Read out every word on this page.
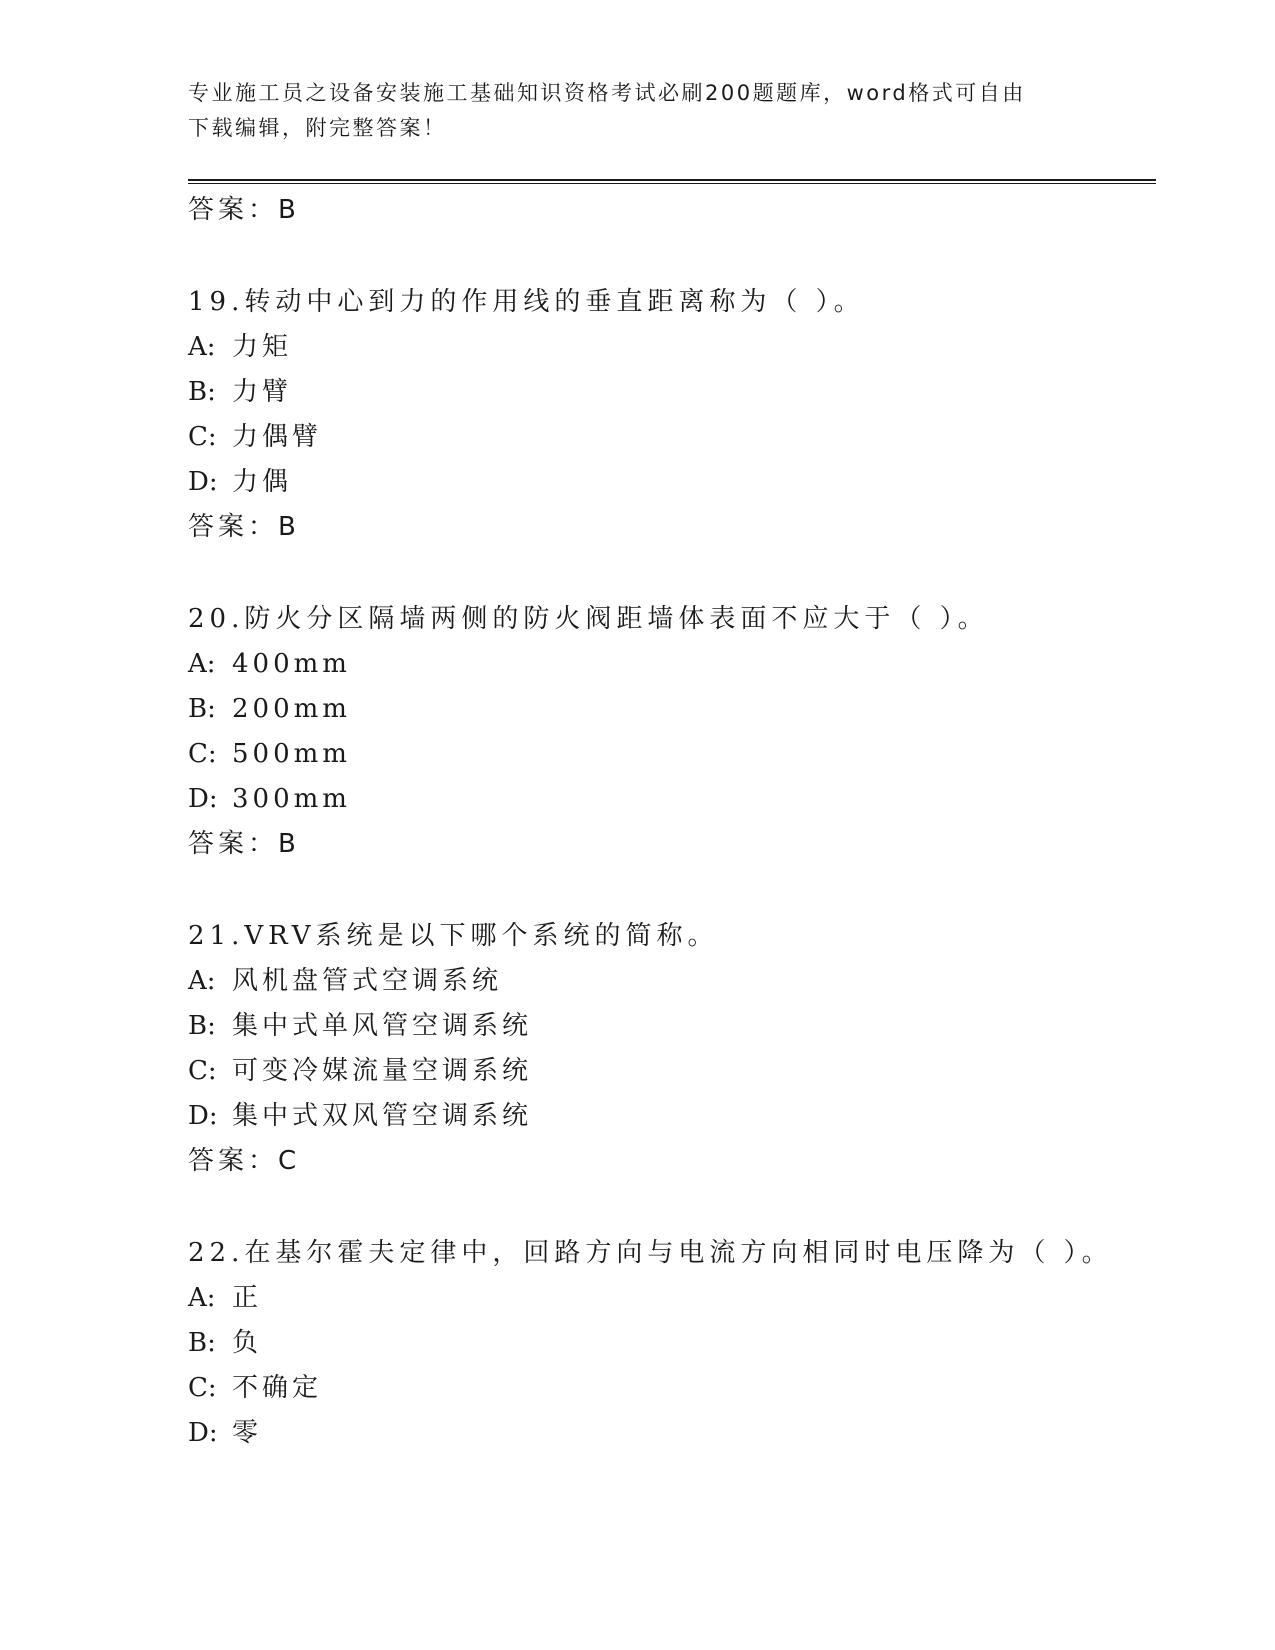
专业施工员之设备安装施工基础知识资格考试必刷200题题库，word格式可自由
下载编辑，附完整答案！
答案：B
19.转动中心到力的作用线的垂直距离称为（ ）。
A: 力矩
B: 力臂
C: 力偶臂
D: 力偶
答案：B
20.防火分区隔墙两侧的防火阀距墙体表面不应大于（ ）。
A: 400mm
B: 200mm
C: 500mm
D: 300mm
答案：B
21.VRV系统是以下哪个系统的简称。
A: 风机盘管式空调系统
B: 集中式单风管空调系统
C: 可变冷媒流量空调系统
D: 集中式双风管空调系统
答案：C
22.在基尔霍夫定律中，回路方向与电流方向相同时电压降为（ ）。
A: 正
B: 负
C: 不确定
D: 零
